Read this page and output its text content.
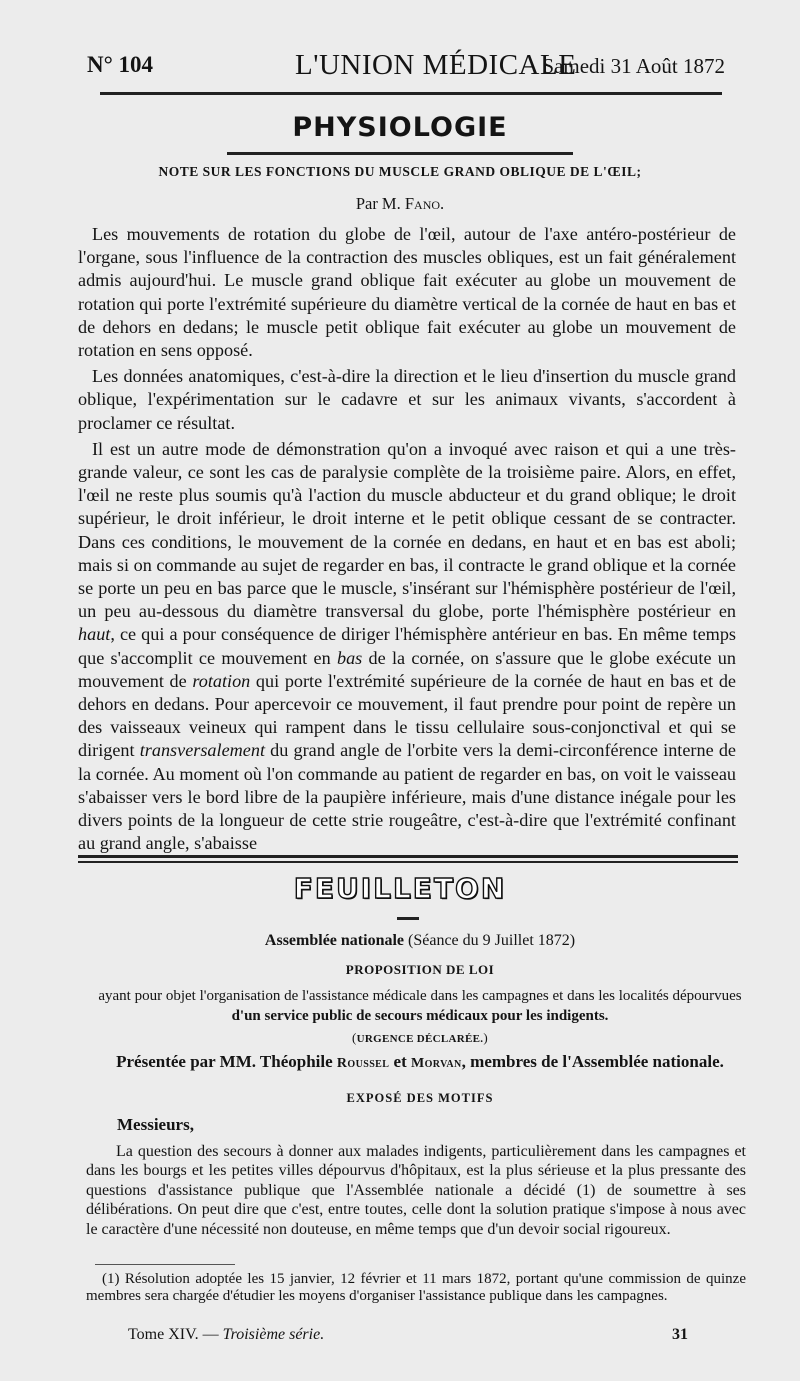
N° 104	L'UNION MÉDICALE
Samedi 31 Août 1872
PHYSIOLOGIE
NOTE SUR LES FONCTIONS DU MUSCLE GRAND OBLIQUE DE L'ŒIL;
Par M. Fano.

Les mouvements de rotation du globe de l'œil, autour de l'axe antéro-postérieur de l'organe, sous l'influence de la contraction des muscles obliques, est un fait généralement admis aujourd'hui. Le muscle grand oblique fait exécuter au globe un mouvement de rotation qui porte l'extrémité supérieure du diamètre vertical de la cornée de haut en bas et de dehors en dedans; le muscle petit oblique fait exécuter au globe un mouvement de rotation en sens opposé.

Les données anatomiques, c'est-à-dire la direction et le lieu d'insertion du muscle grand oblique, l'expérimentation sur le cadavre et sur les animaux vivants, s'accordent à proclamer ce résultat.

Il est un autre mode de démonstration qu'on a invoqué avec raison et qui a une très-grande valeur, ce sont les cas de paralysie complète de la troisième paire. Alors, en effet, l'œil ne reste plus soumis qu'à l'action du muscle abducteur et du grand oblique; le droit supérieur, le droit inférieur, le droit interne et le petit oblique cessant de se contracter. Dans ces conditions, le mouvement de la cornée en dedans, en haut et en bas est aboli; mais si on commande au sujet de regarder en bas, il contracte le grand oblique et la cornée se porte un peu en bas parce que le muscle, s'insérant sur l'hémisphère postérieur de l'œil, un peu au-dessous du diamètre transversal du globe, porte l'hémisphère postérieur en haut, ce qui a pour conséquence de diriger l'hémisphère antérieur en bas. En même temps que s'accomplit ce mouvement en bas de la cornée, on s'assure que le globe exécute un mouvement de rotation qui porte l'extrémité supérieure de la cornée de haut en bas et de dehors en dedans. Pour apercevoir ce mouvement, il faut prendre pour point de repère un des vaisseaux veineux qui rampent dans le tissu cellulaire sous-conjonctival et qui se dirigent transversalement du grand angle de l'orbite vers la demi-circonférence interne de la cornée. Au moment où l'on commande au patient de regarder en bas, on voit le vaisseau s'abaisser vers le bord libre de la paupière inférieure, mais d'une distance inégale pour les divers points de la longueur de cette strie rougeâtre, c'est-à-dire que l'extrémité confinant au grand angle, s'abaisse

FEUILLETON
Assemblée nationale (Séance du 9 Juillet 1872)
PROPOSITION DE LOI
ayant pour objet l'organisation de l'assistance médicale dans les campagnes et dans les localités dépourvues
d'un service public de secours médicaux pour les indigents.
(URGENCE DÉCLARÉE.)
Présentée par MM. Théophile Roussel et Morvan, membres de l'Assemblée nationale.
EXPOSÉ DES MOTIFS
Messieurs,

La question des secours à donner aux malades indigents, particulièrement dans les campagnes et dans les bourgs et les petites villes dépourvus d'hôpitaux, est la plus sérieuse et la plus pressante des questions d'assistance publique que l'Assemblée nationale a décidé (1) de soumettre à ses délibérations. On peut dire que c'est, entre toutes, celle dont la solution pratique s'impose à nous avec le caractère d'une nécessité non douteuse, en même temps que d'un devoir social rigoureux.

(1) Résolution adoptée les 15 janvier, 12 février et 11 mars 1872, portant qu'une commission de quinze membres sera chargée d'étudier les moyens d'organiser l'assistance publique dans les campagnes.

Tome XIV. — Troisième série.	31
